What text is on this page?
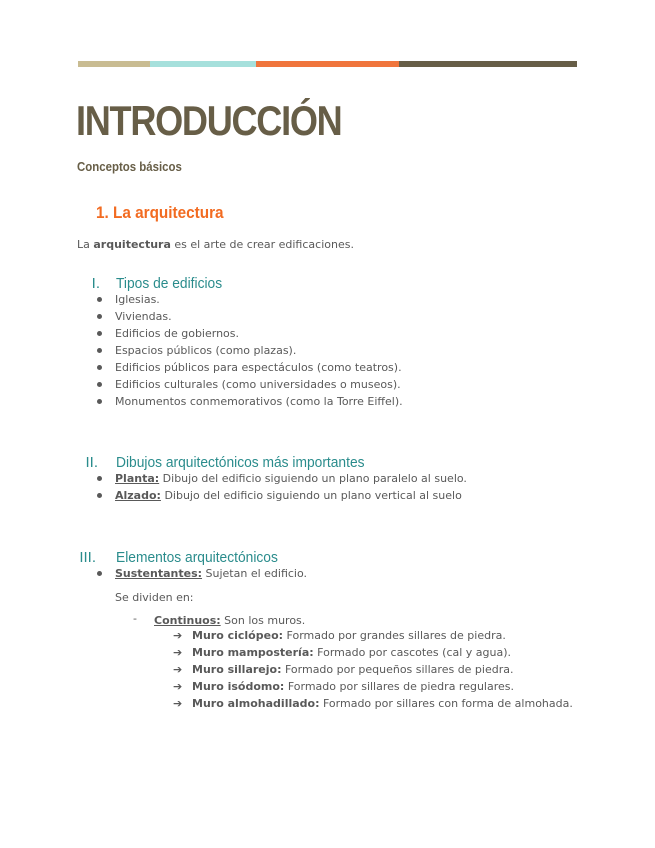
INTRODUCCIÓN
Conceptos básicos
1. La arquitectura
La arquitectura es el arte de crear edificaciones.
I. Tipos de edificios
Iglesias.
Viviendas.
Edificios de gobiernos.
Espacios públicos (como plazas).
Edificios públicos para espectáculos (como teatros).
Edificios culturales (como universidades o museos).
Monumentos conmemorativos (como la Torre Eiffel).
II. Dibujos arquitectónicos más importantes
Planta: Dibujo del edificio siguiendo un plano paralelo al suelo.
Alzado: Dibujo del edificio siguiendo un plano vertical al suelo
III. Elementos arquitectónicos
Sustentantes: Sujetan el edificio.
Se dividen en:
- Continuos: Son los muros.
➔ Muro ciclópeo: Formado por grandes sillares de piedra.
➔ Muro mampostería: Formado por cascotes (cal y agua).
➔ Muro sillarejo: Formado por pequeños sillares de piedra.
➔ Muro isódomo: Formado por sillares de piedra regulares.
➔ Muro almohadillado: Formado por sillares con forma de almohada.
